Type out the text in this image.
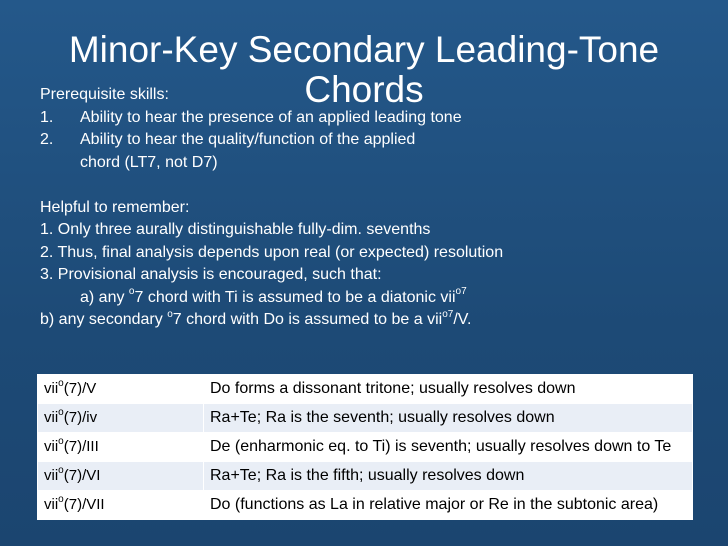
Minor-Key Secondary Leading-Tone
Chords
Prerequisite skills:
1. Ability to hear the presence of an applied leading tone
2. Ability to hear the quality/function of the applied
chord (LT7, not D7)
Helpful to remember:
1. Only three aurally distinguishable fully-dim. sevenths
2. Thus, final analysis depends upon real (or expected) resolution
3. Provisional analysis is encouraged, such that:
a) any $^o$7 chord with Ti is assumed to be a diatonic vii$^{o7}$
b) any secondary $^o$7 chord with Do is assumed to be a vii$^{o7}$/V.
vii$^o$(7)/V	Do forms a dissonant tritone; usually resolves down
vii$^o$(7)/iv	Ra+Te; Ra is the seventh; usually resolves down
vii$^o$(7)/III	De (enharmonic eq. to Ti) is seventh; usually resolves down to Te
vii$^o$(7)/VI	Ra+Te; Ra is the fifth; usually resolves down
vii$^o$(7)/VII	Do (functions as La in relative major or Re in the subtonic area)
